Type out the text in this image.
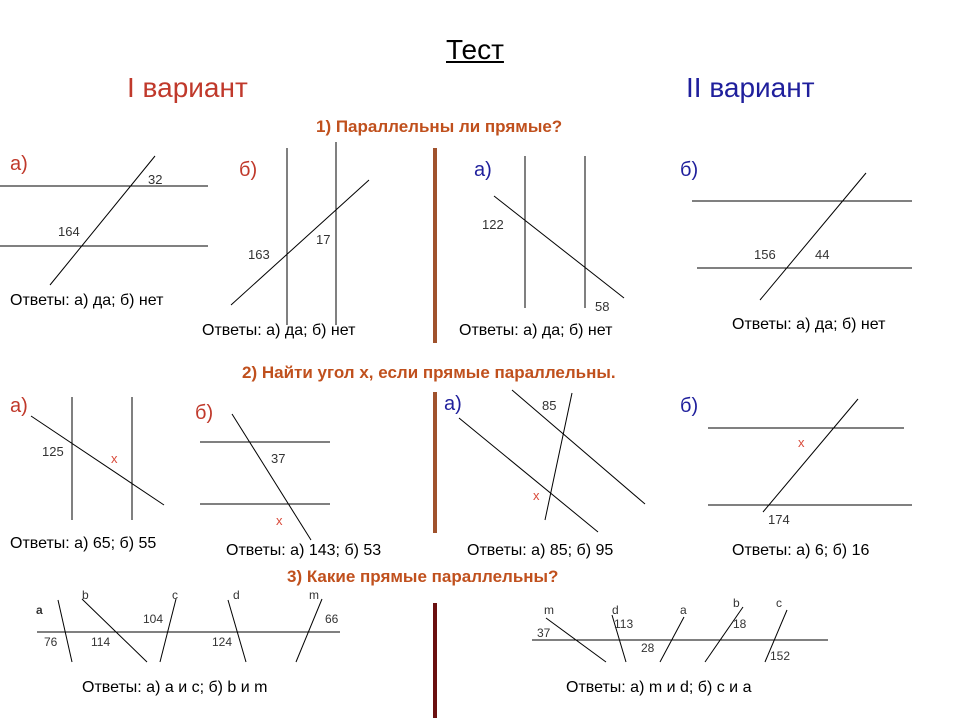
Тест
I вариант	II вариант
1) Параллельны ли прямые?
2) Найти угол х, если прямые параллельны.
3) Какие прямые параллельны?
а)	б)	а)	б)
а)	б)	а)	б)
Ответы: а) да; б) нет
Ответы: а) да; б) нет	Ответы: а) да; б) нет	Ответы: а) да; б) нет
Ответы: а) 65; б) 55	Ответы: а) 143; б) 53	Ответы: а) 85; б) 95	Ответы: а) 6; б) 16
Ответы: а) а и с; б) b и m	Ответы: а) m и d; б) с и а
32
164
17
163
122
58
156	44
125	37
85
174
х
х
х
х
a
b	c	d	m
104	66
76	114	124
m	d	a	b	c
37
113	18
28
152
